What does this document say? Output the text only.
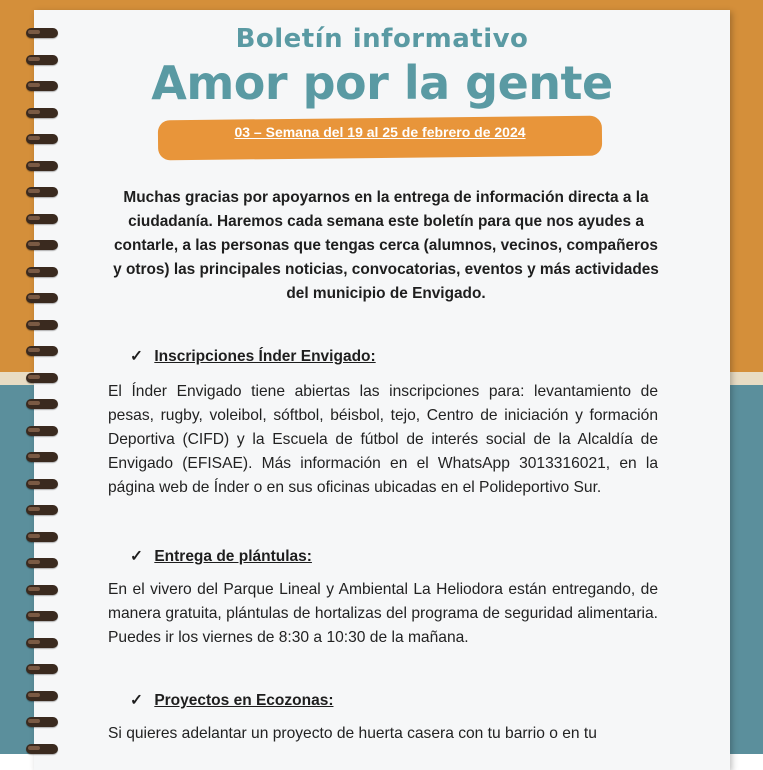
Boletín informativo
Amor por la gente
03 – Semana del 19 al 25 de febrero de 2024
Muchas gracias por apoyarnos en la entrega de información directa a la ciudadanía. Haremos cada semana este boletín para que nos ayudes a contarle, a las personas que tengas cerca (alumnos, vecinos, compañeros y otros) las principales noticias, convocatorias, eventos y más actividades del municipio de Envigado.
✓ Inscripciones Índer Envigado:
El Índer Envigado tiene abiertas las inscripciones para: levantamiento de pesas, rugby, voleibol, sóftbol, béisbol, tejo, Centro de iniciación y formación Deportiva (CIFD) y la Escuela de fútbol de interés social de la Alcaldía de Envigado (EFISAE). Más información en el WhatsApp 3013316021, en la página web de Índer o en sus oficinas ubicadas en el Polideportivo Sur.
✓ Entrega de plántulas:
En el vivero del Parque Lineal y Ambiental La Heliodora están entregando, de manera gratuita, plántulas de hortalizas del programa de seguridad alimentaria. Puedes ir los viernes de 8:30 a 10:30 de la mañana.
✓ Proyectos en Ecozonas:
Si quieres adelantar un proyecto de huerta casera con tu barrio o en tu
